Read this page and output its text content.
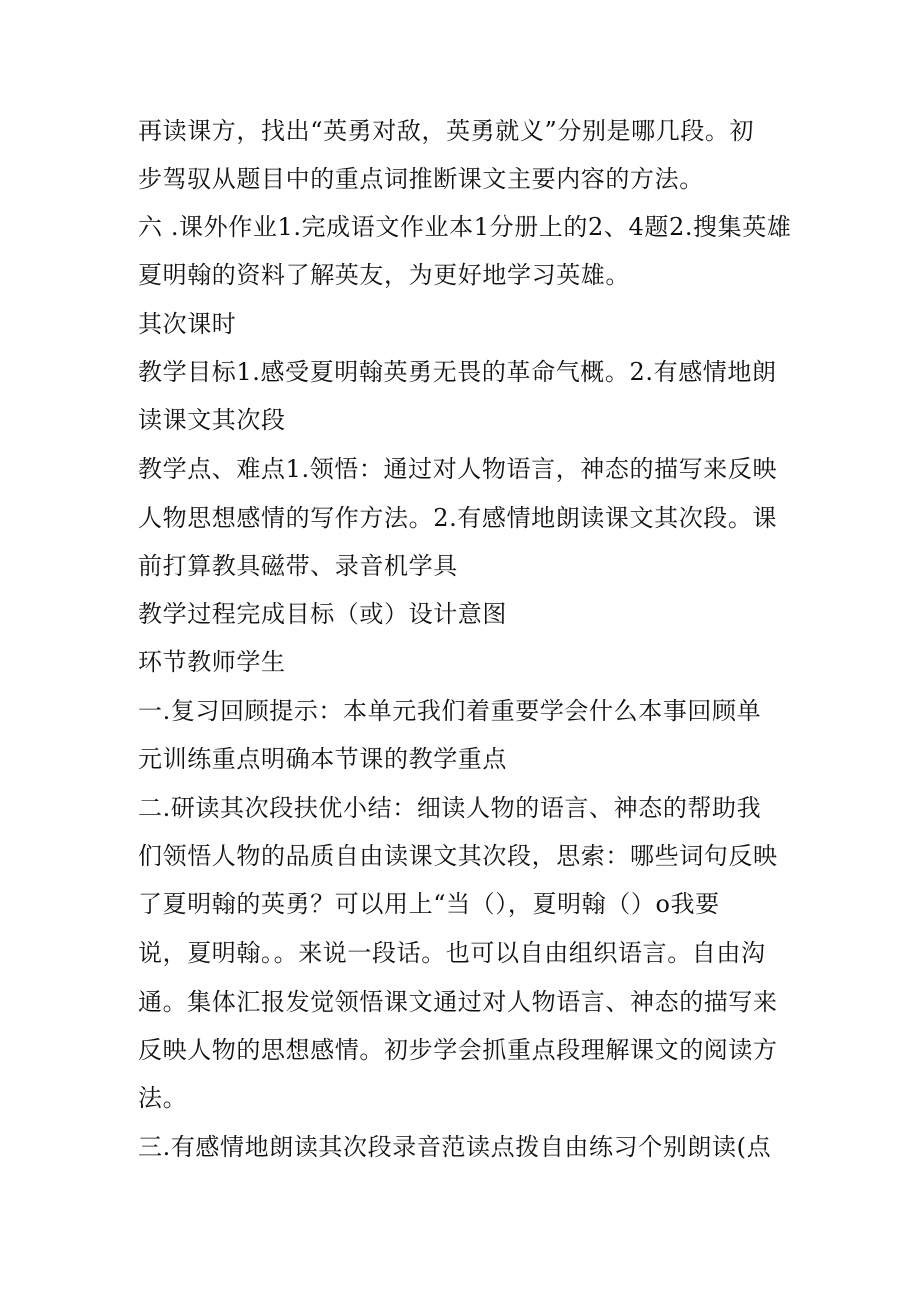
再读课方，找出“英勇对敌，英勇就义”分别是哪几段。初
步驾驭从题目中的重点词推断课文主要内容的方法。
六 .课外作业1.完成语文作业本1分册上的2、4题2.搜集英雄
夏明翰的资料了解英友，为更好地学习英雄。
其次课时
教学目标1.感受夏明翰英勇无畏的革命气概。2.有感情地朗
读课文其次段
教学点、难点1.领悟：通过对人物语言，神态的描写来反映
人物思想感情的写作方法。2.有感情地朗读课文其次段。课
前打算教具磁带、录音机学具
教学过程完成目标（或）设计意图
环节教师学生
一.复习回顾提示：本单元我们着重要学会什么本事回顾单
元训练重点明确本节课的教学重点
二.研读其次段扶优小结：细读人物的语言、神态的帮助我
们领悟人物的品质自由读课文其次段，思索：哪些词句反映
了夏明翰的英勇？可以用上“当（），夏明翰（）o我要
说，夏明翰。。来说一段话。也可以自由组织语言。自由沟
通。集体汇报发觉领悟课文通过对人物语言、神态的描写来
反映人物的思想感情。初步学会抓重点段理解课文的阅读方
法。
三.有感情地朗读其次段录音范读点拨自由练习个别朗读(点
